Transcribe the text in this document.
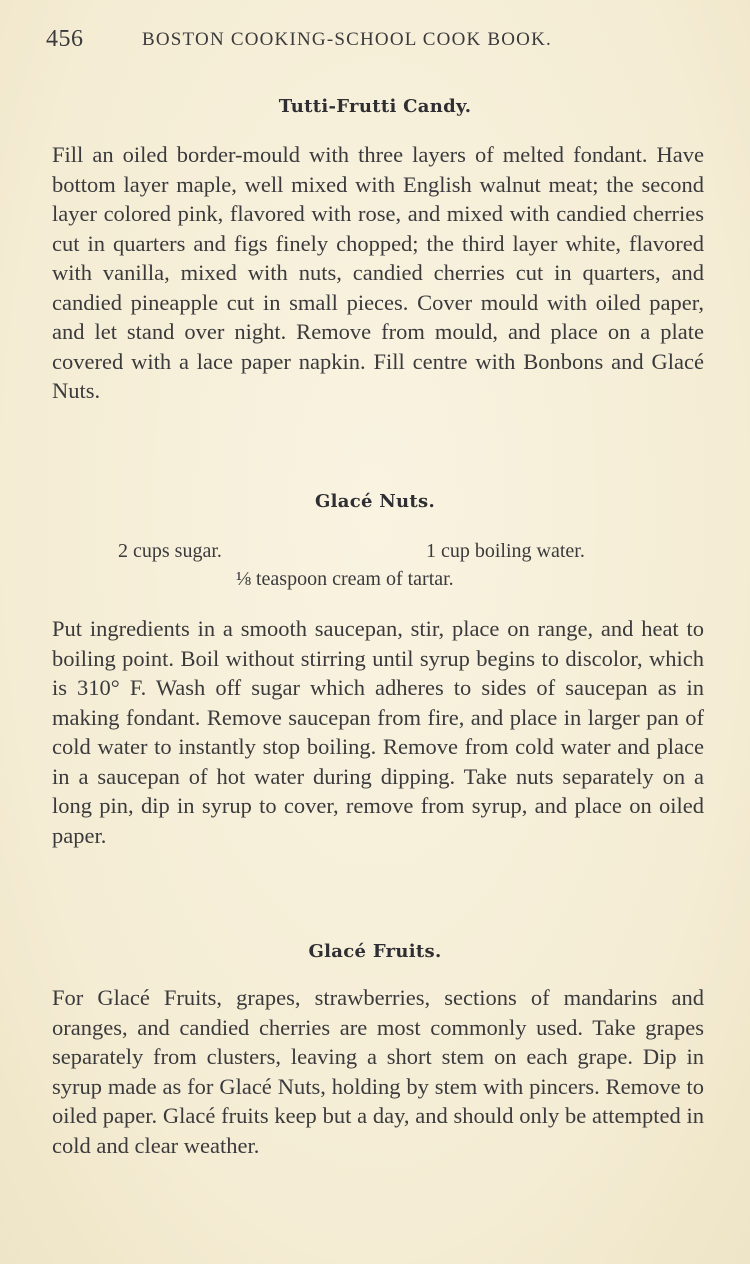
456	BOSTON COOKING-SCHOOL COOK BOOK.
Tutti-Frutti Candy.

Fill an oiled border-mould with three layers of melted fondant. Have bottom layer maple, well mixed with English walnut meat; the second layer colored pink, flavored with rose, and mixed with candied cherries cut in quarters and figs finely chopped; the third layer white, flavored with vanilla, mixed with nuts, candied cherries cut in quarters, and candied pineapple cut in small pieces. Cover mould with oiled paper, and let stand over night. Remove from mould, and place on a plate covered with a lace paper napkin. Fill centre with Bonbons and Glacé Nuts.

Glacé Nuts.
2 cups sugar.	1 cup boiling water.
⅛ teaspoon cream of tartar.

Put ingredients in a smooth saucepan, stir, place on range, and heat to boiling point. Boil without stirring until syrup begins to discolor, which is 310° F. Wash off sugar which adheres to sides of saucepan as in making fondant. Remove saucepan from fire, and place in larger pan of cold water to instantly stop boiling. Remove from cold water and place in a saucepan of hot water during dipping. Take nuts separately on a long pin, dip in syrup to cover, remove from syrup, and place on oiled paper.

Glacé Fruits.

For Glacé Fruits, grapes, strawberries, sections of mandarins and oranges, and candied cherries are most commonly used. Take grapes separately from clusters, leaving a short stem on each grape. Dip in syrup made as for Glacé Nuts, holding by stem with pincers. Remove to oiled paper. Glacé fruits keep but a day, and should only be attempted in cold and clear weather.
